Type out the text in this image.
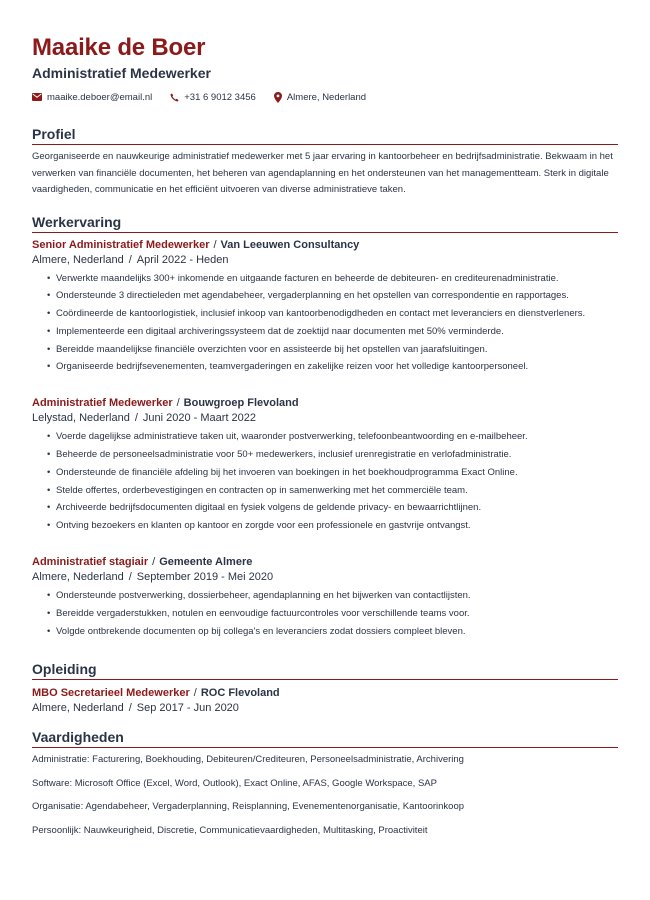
Maaike de Boer
Administratief Medewerker
maaike.deboer@email.nl	+31 6 9012 3456	Almere, Nederland
Profiel
Georganiseerde en nauwkeurige administratief medewerker met 5 jaar ervaring in kantoorbeheer en bedrijfsadministratie. Bekwaam in het verwerken van financiële documenten, het beheren van agendaplanning en het ondersteunen van het managementteam. Sterk in digitale vaardigheden, communicatie en het efficiënt uitvoeren van diverse administratieve taken.
Werkervaring
Senior Administratief Medewerker / Van Leeuwen Consultancy
Almere, Nederland / April 2022 - Heden
• Verwerkte maandelijks 300+ inkomende en uitgaande facturen en beheerde de debiteuren- en crediteurenadministratie.
• Ondersteunde 3 directieleden met agendabeheer, vergaderplanning en het opstellen van correspondentie en rapportages.
• Coördineerde de kantoorlogistiek, inclusief inkoop van kantoorbenodigdheden en contact met leveranciers en dienstverleners.
• Implementeerde een digitaal archiveringssysteem dat de zoektijd naar documenten met 50% verminderde.
• Bereidde maandelijkse financiële overzichten voor en assisteerde bij het opstellen van jaarafsluitingen.
• Organiseerde bedrijfsevenementen, teamvergaderingen en zakelijke reizen voor het volledige kantoorpersoneel.
Administratief Medewerker / Bouwgroep Flevoland
Lelystad, Nederland / Juni 2020 - Maart 2022
• Voerde dagelijkse administratieve taken uit, waaronder postverwerking, telefoonbeantwoording en e-mailbeheer.
• Beheerde de personeelsadministratie voor 50+ medewerkers, inclusief urenregistratie en verlofadministratie.
• Ondersteunde de financiële afdeling bij het invoeren van boekingen in het boekhoudprogramma Exact Online.
• Stelde offertes, orderbevestigingen en contracten op in samenwerking met het commerciële team.
• Archiveerde bedrijfsdocumenten digitaal en fysiek volgens de geldende privacy- en bewaarrichtlijnen.
• Ontving bezoekers en klanten op kantoor en zorgde voor een professionele en gastvrije ontvangst.
Administratief stagiair / Gemeente Almere
Almere, Nederland / September 2019 - Mei 2020
• Ondersteunde postverwerking, dossierbeheer, agendaplanning en het bijwerken van contactlijsten.
• Bereidde vergaderstukken, notulen en eenvoudige factuurcontroles voor verschillende teams voor.
• Volgde ontbrekende documenten op bij collega's en leveranciers zodat dossiers compleet bleven.
Opleiding
MBO Secretarieel Medewerker / ROC Flevoland
Almere, Nederland / Sep 2017 - Jun 2020
Vaardigheden
Administratie: Facturering, Boekhouding, Debiteuren/Crediteuren, Personeelsadministratie, Archivering
Software: Microsoft Office (Excel, Word, Outlook), Exact Online, AFAS, Google Workspace, SAP
Organisatie: Agendabeheer, Vergaderplanning, Reisplanning, Evenementenorganisatie, Kantoorinkoop
Persoonlijk: Nauwkeurigheid, Discretie, Communicatievaardigheden, Multitasking, Proactiviteit
